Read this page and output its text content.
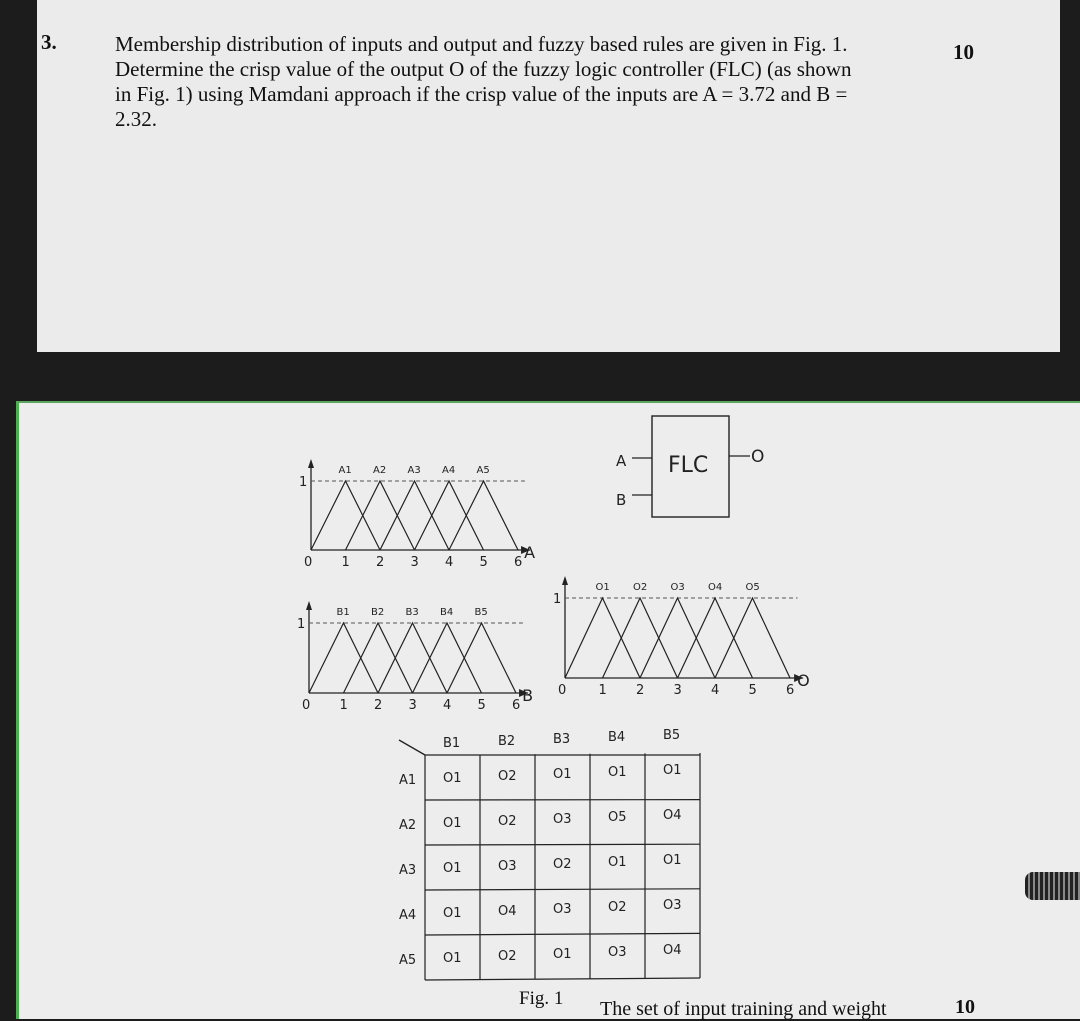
3.	Membership distribution of inputs and output and fuzzy based rules are given in Fig. 1.
Determine the crisp value of the output O of the fuzzy logic controller (FLC) (as shown
in Fig. 1) using Mamdani approach if the crisp value of the inputs are A = 3.72 and B =
2.32.
10
1
A1 A2 A3 A4 A5
0 1 2 3 4 5 6
A
1
B1 B2 B3 B4 B5
0 1 2 3 4 5 6
B
1
O1 O2 O3 O4 O5
0 1 2 3 4 5 6
O
FLC
A
B
O
B1	B2	B3	B4	B5
A1 O1	O2	O1	O1	O1
A2 O1	O2	O3	O5	O4
A3 O1	O3	O2	O1	O1
A4 O1	O4	O3	O2	O3
A5 O1	O2	O1	O3	O4
Fig. 1 The set of input training and weight	10
